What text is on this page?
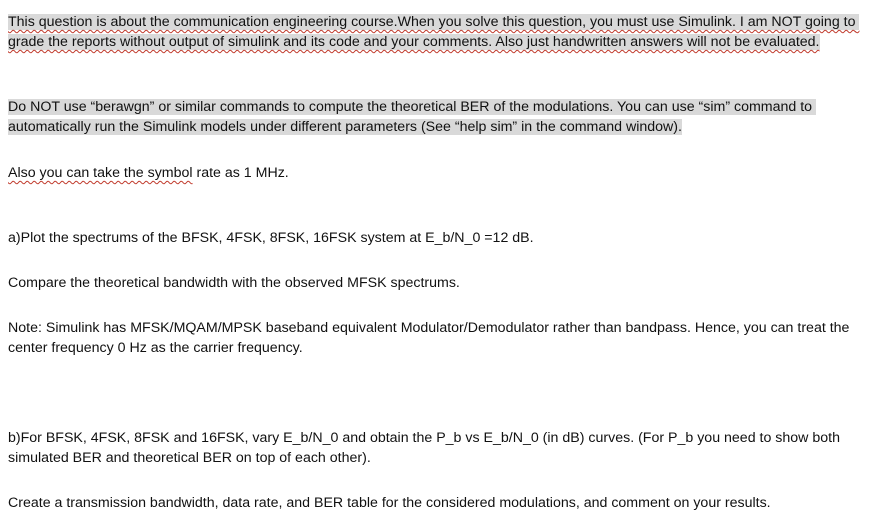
This question is about the communication engineering course.When you solve this question, you must use Simulink. I am NOT going to grade the reports without output of simulink and its code and your comments. Also just handwritten answers will not be evaluated.

Do NOT use “berawgn” or similar commands to compute the theoretical BER of the modulations. You can use “sim” command to automatically run the Simulink models under different parameters (See “help sim” in the command window).

Also you can take the symbol rate as 1 MHz.

a)Plot the spectrums of the BFSK, 4FSK, 8FSK, 16FSK system at E_b/N_0 =12 dB.

Compare the theoretical bandwidth with the observed MFSK spectrums.

Note: Simulink has MFSK/MQAM/MPSK baseband equivalent Modulator/Demodulator rather than bandpass. Hence, you can treat the center frequency 0 Hz as the carrier frequency.

b)For BFSK, 4FSK, 8FSK and 16FSK, vary E_b/N_0 and obtain the P_b vs E_b/N_0 (in dB) curves. (For P_b you need to show both simulated BER and theoretical BER on top of each other).

Create a transmission bandwidth, data rate, and BER table for the considered modulations, and comment on your results.
